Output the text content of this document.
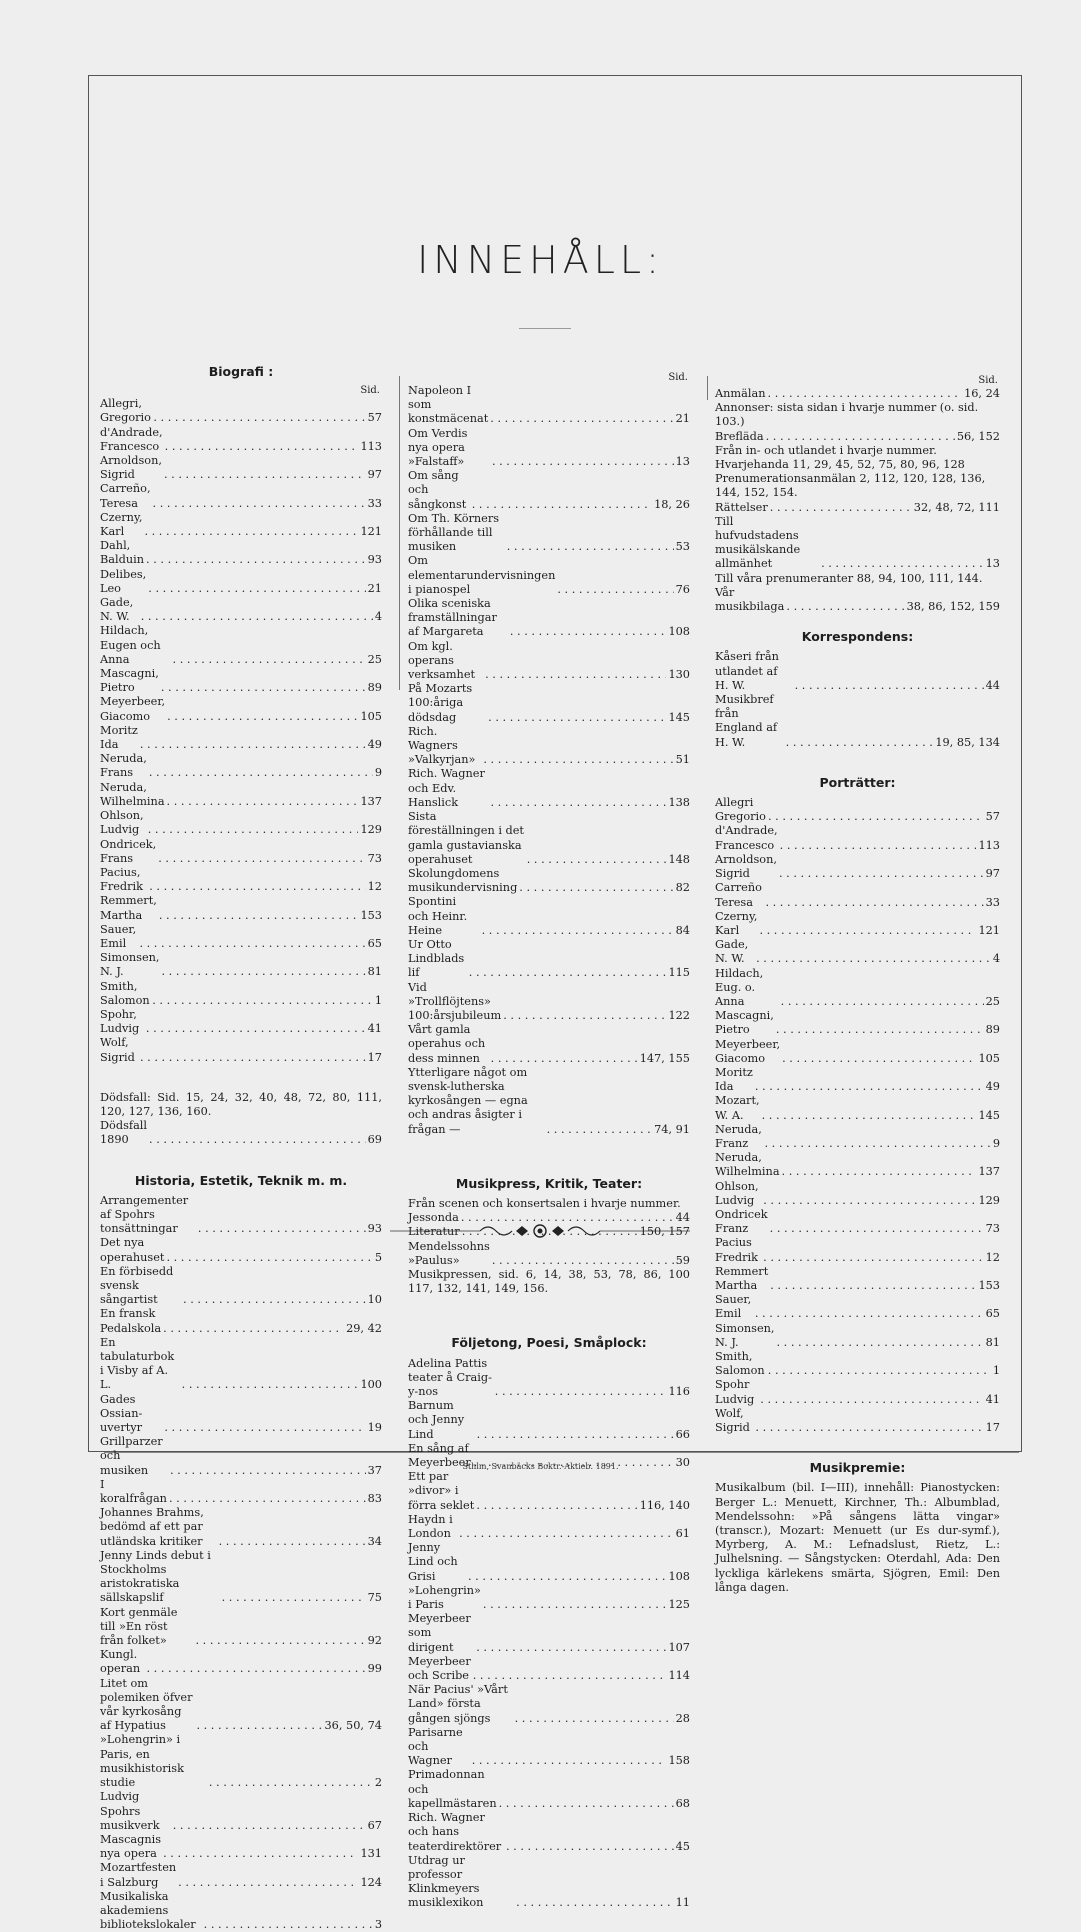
INNEHÅLL:
Biografi :
Sid.
Allegri, Gregorio . . .	57
d'Andrade, Francesco . . .	113
Arnoldson, Sigrid . . .	97
Carreño, Teresa . . .	33
Czerny, Karl . . .	121
Dahl, Balduin . . .	93
Delibes, Leo . . .	21
Gade, N. W. . . .	4
Hildach, Eugen och Anna . . .	25
Mascagni, Pietro . . .	89
Meyerbeer, Giacomo . . .	105
Moritz Ida . . .	49
Neruda, Frans . . .	9
Neruda, Wilhelmina . . .	137
Ohlson, Ludvig . . .	129
Ondricek, Frans . . .	73
Pacius, Fredrik . . .	12
Remmert, Martha . . .	153
Sauer, Emil . . .	65
Simonsen, N. J. . . .	81
Smith, Salomon . . .	1
Spohr, Ludvig . . .	41
Wolf, Sigrid . . .	17
Dödsfall: Sid. 15, 24, 32, 40, 48, 72, 80, 111, 120, 127, 136, 160.
Dödsfall 1890 . . .	69
Historia, Estetik, Teknik m. m.
Arrangementer af Spohrs tonsättningar . . .	93
Det nya operahuset . . .	5
En förbisedd svensk sångartist . . .	10
En fransk Pedalskola . . .	29, 42
En tabulaturbok i Visby af A. L. . . .	100
Gades Ossian-uvertyr . . .	19
Grillparzer och musiken . . .	37
I koralfrågan . . .	83
Johannes Brahms, bedömd af ett par utländska kritiker . . .	34
Jenny Linds debut i Stockholms aristokratiska sällskapslif . . .	75
Kort genmäle till »En röst från folket» . . .	92
Kungl. operan . . .	99
Litet om polemiken öfver vår kyrkosång af Hypatius . . .	36, 50, 74
»Lohengrin» i Paris, en musikhistorisk studie . . .	2
Ludvig Spohrs musikverk . . .	67
Mascagnis nya opera . . .	131
Mozartfesten i Salzburg . . .	124
Musikaliska akademiens bibliotekslokaler . . .	3
Sid.
Napoleon I som konstmäcenat . . .	21
Om Verdis nya opera »Falstaff» . . .	13
Om sång och sångkonst . . .	18, 26
Om Th. Körners förhållande till musiken . . .	53
Om elementarundervisningen i pianospel . . .	76
Olika sceniska framställningar af Margareta . . .	108
Om kgl. operans verksamhet . . .	130
På Mozarts 100:åriga dödsdag . . .	145
Rich. Wagners »Valkyrjan» . . .	51
Rich. Wagner och Edv. Hanslick . . .	138
Sista föreställningen i det gamla gustavianska operahuset . . .	148
Skolungdomens musikundervisning . . .	82
Spontini och Heinr. Heine . . .	84
Ur Otto Lindblads lif . . .	115
Vid »Trollflöjtens» 100:årsjubileum . . .	122
Vårt gamla operahus och dess minnen . . .	147, 155
Ytterligare något om svensk-lutherska kyrkosången — egna och andras åsigter i frågan — . . .	74, 91
Musikpress, Kritik, Teater:
Från scenen och konsertsalen i hvarje nummer.
Jessonda . . .	44
Literatur . . .	150, 157
Mendelssohns »Paulus» . . .	59
Musikpressen, sid. 6, 14, 38, 53, 78, 86, 100 117, 132, 141, 149, 156.
Följetong, Poesi, Småplock:
Adelina Pattis teater å Craig-y-nos . . .	116
Barnum och Jenny Lind . . .	66
En sång af Meyerbeer . . .	30
Ett par »divor» i förra seklet . . .	116, 140
Haydn i London . . .	61
Jenny Lind och Grisi . . .	108
»Lohengrin» i Paris . . .	125
Meyerbeer som dirigent . . .	107
Meyerbeer och Scribe . . .	114
När Pacius' »Vårt Land» första gången sjöngs . . .	28
Parisarne och Wagner . . .	158
Primadonnan och kapellmästaren . . .	68
Rich. Wagner och hans teaterdirektörer . . .	45
Utdrag ur professor Klinkmeyers musiklexikon . . .	11
Sid.
Anmälan . . .	16, 24
Annonser: sista sidan i hvarje nummer (o. sid. 103.)
Brefläda . . .	56, 152
Från in- och utlandet i hvarje nummer.
Hvarjehanda 11, 29, 45, 52, 75, 80, 96, 128
Prenumerationsanmälan 2, 112, 120, 128, 136, 144, 152, 154.
Rättelser . . .	32, 48, 72, 111
Till hufvudstadens musikälskande allmänhet . . .	13
Till våra prenumeranter 88, 94, 100, 111, 144.
Vår musikbilaga . . .	38, 86, 152, 159
Korrespondens:
Kåseri från utlandet af H. W. . . .	44
Musikbref från England af H. W. . . .	19, 85, 134
Porträtter:
Allegri Gregorio . . .	57
d'Andrade, Francesco . . .	113
Arnoldson, Sigrid . . .	97
Carreño Teresa . . .	33
Czerny, Karl . . .	121
Gade, N. W. . . .	4
Hildach, Eug. o. Anna . . .	25
Mascagni, Pietro . . .	89
Meyerbeer, Giacomo . . .	105
Moritz Ida . . .	49
Mozart, W. A. . . .	145
Neruda, Franz . . .	9
Neruda, Wilhelmina . . .	137
Ohlson, Ludvig . . .	129
Ondricek Franz . . .	73
Pacius Fredrik . . .	12
Remmert Martha . . .	153
Sauer, Emil . . .	65
Simonsen, N. J. . . .	81
Smith, Salomon . . .	1
Spohr Ludvig . . .	41
Wolf, Sigrid . . .	17
Musikpremie:
Musikalbum (bil. I—III), innehåll: Pianostycken: Berger L.: Menuett, Kirchner, Th.: Albumblad, Mendelssohn: »På sångens lätta vingar» (transcr.), Mozart: Menuett (ur Es dur-symf.), Myrberg, A. M.: Lefnadslust, Rietz, L.: Julhelsning. — Sångstycken: Oterdahl, Ada: Den lyckliga kärlekens smärta, Sjögren, Emil: Den långa dagen.
Sthlm, Svanbäcks Boktr.-Aktieb. 1891.
